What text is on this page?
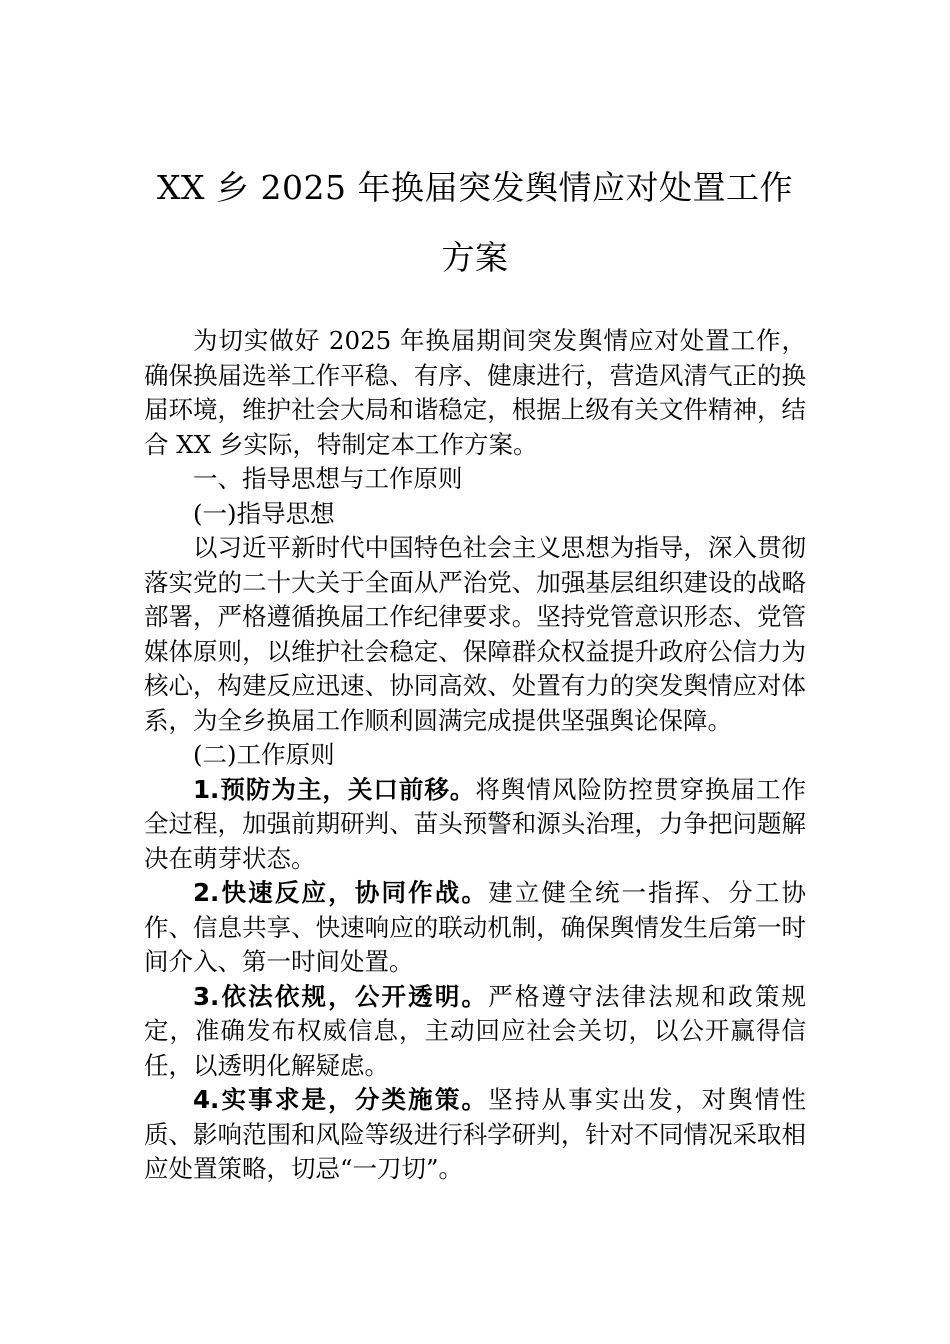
XX 乡 2025 年换届突发舆情应对处置工作
方案

为切实做好 2025 年换届期间突发舆情应对处置工作，确保换届选举工作平稳、有序、健康进行，营造风清气正的换届环境，维护社会大局和谐稳定，根据上级有关文件精神，结合 XX 乡实际，特制定本工作方案。

一、指导思想与工作原则

(一)指导思想

以习近平新时代中国特色社会主义思想为指导，深入贯彻落实党的二十大关于全面从严治党、加强基层组织建设的战略部署，严格遵循换届工作纪律要求。坚持党管意识形态、党管媒体原则，以维护社会稳定、保障群众权益提升政府公信力为核心，构建反应迅速、协同高效、处置有力的突发舆情应对体系，为全乡换届工作顺利圆满完成提供坚强舆论保障。

(二)工作原则

1.预防为主，关口前移。将舆情风险防控贯穿换届工作全过程，加强前期研判、苗头预警和源头治理，力争把问题解决在萌芽状态。

2.快速反应，协同作战。建立健全统一指挥、分工协作、信息共享、快速响应的联动机制，确保舆情发生后第一时间介入、第一时间处置。

3.依法依规，公开透明。严格遵守法律法规和政策规定，准确发布权威信息，主动回应社会关切，以公开赢得信任，以透明化解疑虑。

4.实事求是，分类施策。坚持从事实出发，对舆情性质、影响范围和风险等级进行科学研判，针对不同情况采取相应处置策略，切忌“一刀切”。
